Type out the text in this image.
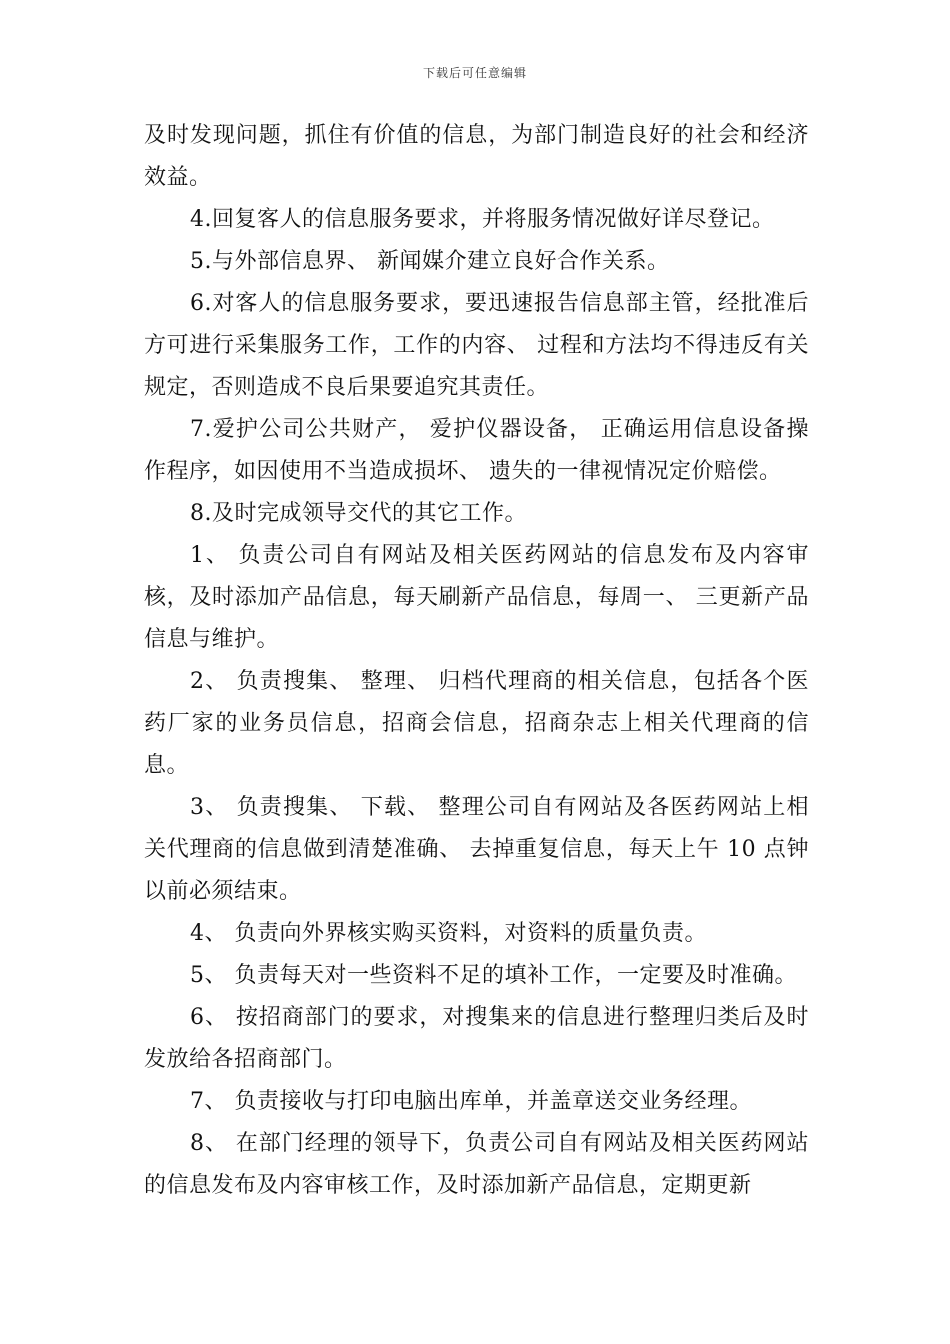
下载后可任意编辑

及时发现问题，抓住有价值的信息，为部门制造良好的社会和经济效益。

4.回复客人的信息服务要求，并将服务情况做好详尽登记。

5.与外部信息界、 新闻媒介建立良好合作关系。

6.对客人的信息服务要求，要迅速报告信息部主管，经批准后方可进行采集服务工作，工作的内容、 过程和方法均不得违反有关规定，否则造成不良后果要追究其责任。

7.爱护公司公共财产， 爱护仪器设备， 正确运用信息设备操作程序，如因使用不当造成损坏、 遗失的一律视情况定价赔偿。

8.及时完成领导交代的其它工作。

1、 负责公司自有网站及相关医药网站的信息发布及内容审核，及时添加产品信息，每天刷新产品信息，每周一、 三更新产品信息与维护。

2、 负责搜集、 整理、 归档代理商的相关信息，包括各个医药厂家的业务员信息，招商会信息，招商杂志上相关代理商的信息。

3、 负责搜集、 下载、 整理公司自有网站及各医药网站上相关代理商的信息做到清楚准确、 去掉重复信息，每天上午 10 点钟以前必须结束。

4、 负责向外界核实购买资料，对资料的质量负责。

5、 负责每天对一些资料不足的填补工作，一定要及时准确。

6、 按招商部门的要求，对搜集来的信息进行整理归类后及时发放给各招商部门。

7、 负责接收与打印电脑出库单，并盖章送交业务经理。

8、 在部门经理的领导下，负责公司自有网站及相关医药网站的信息发布及内容审核工作，及时添加新产品信息，定期更新
